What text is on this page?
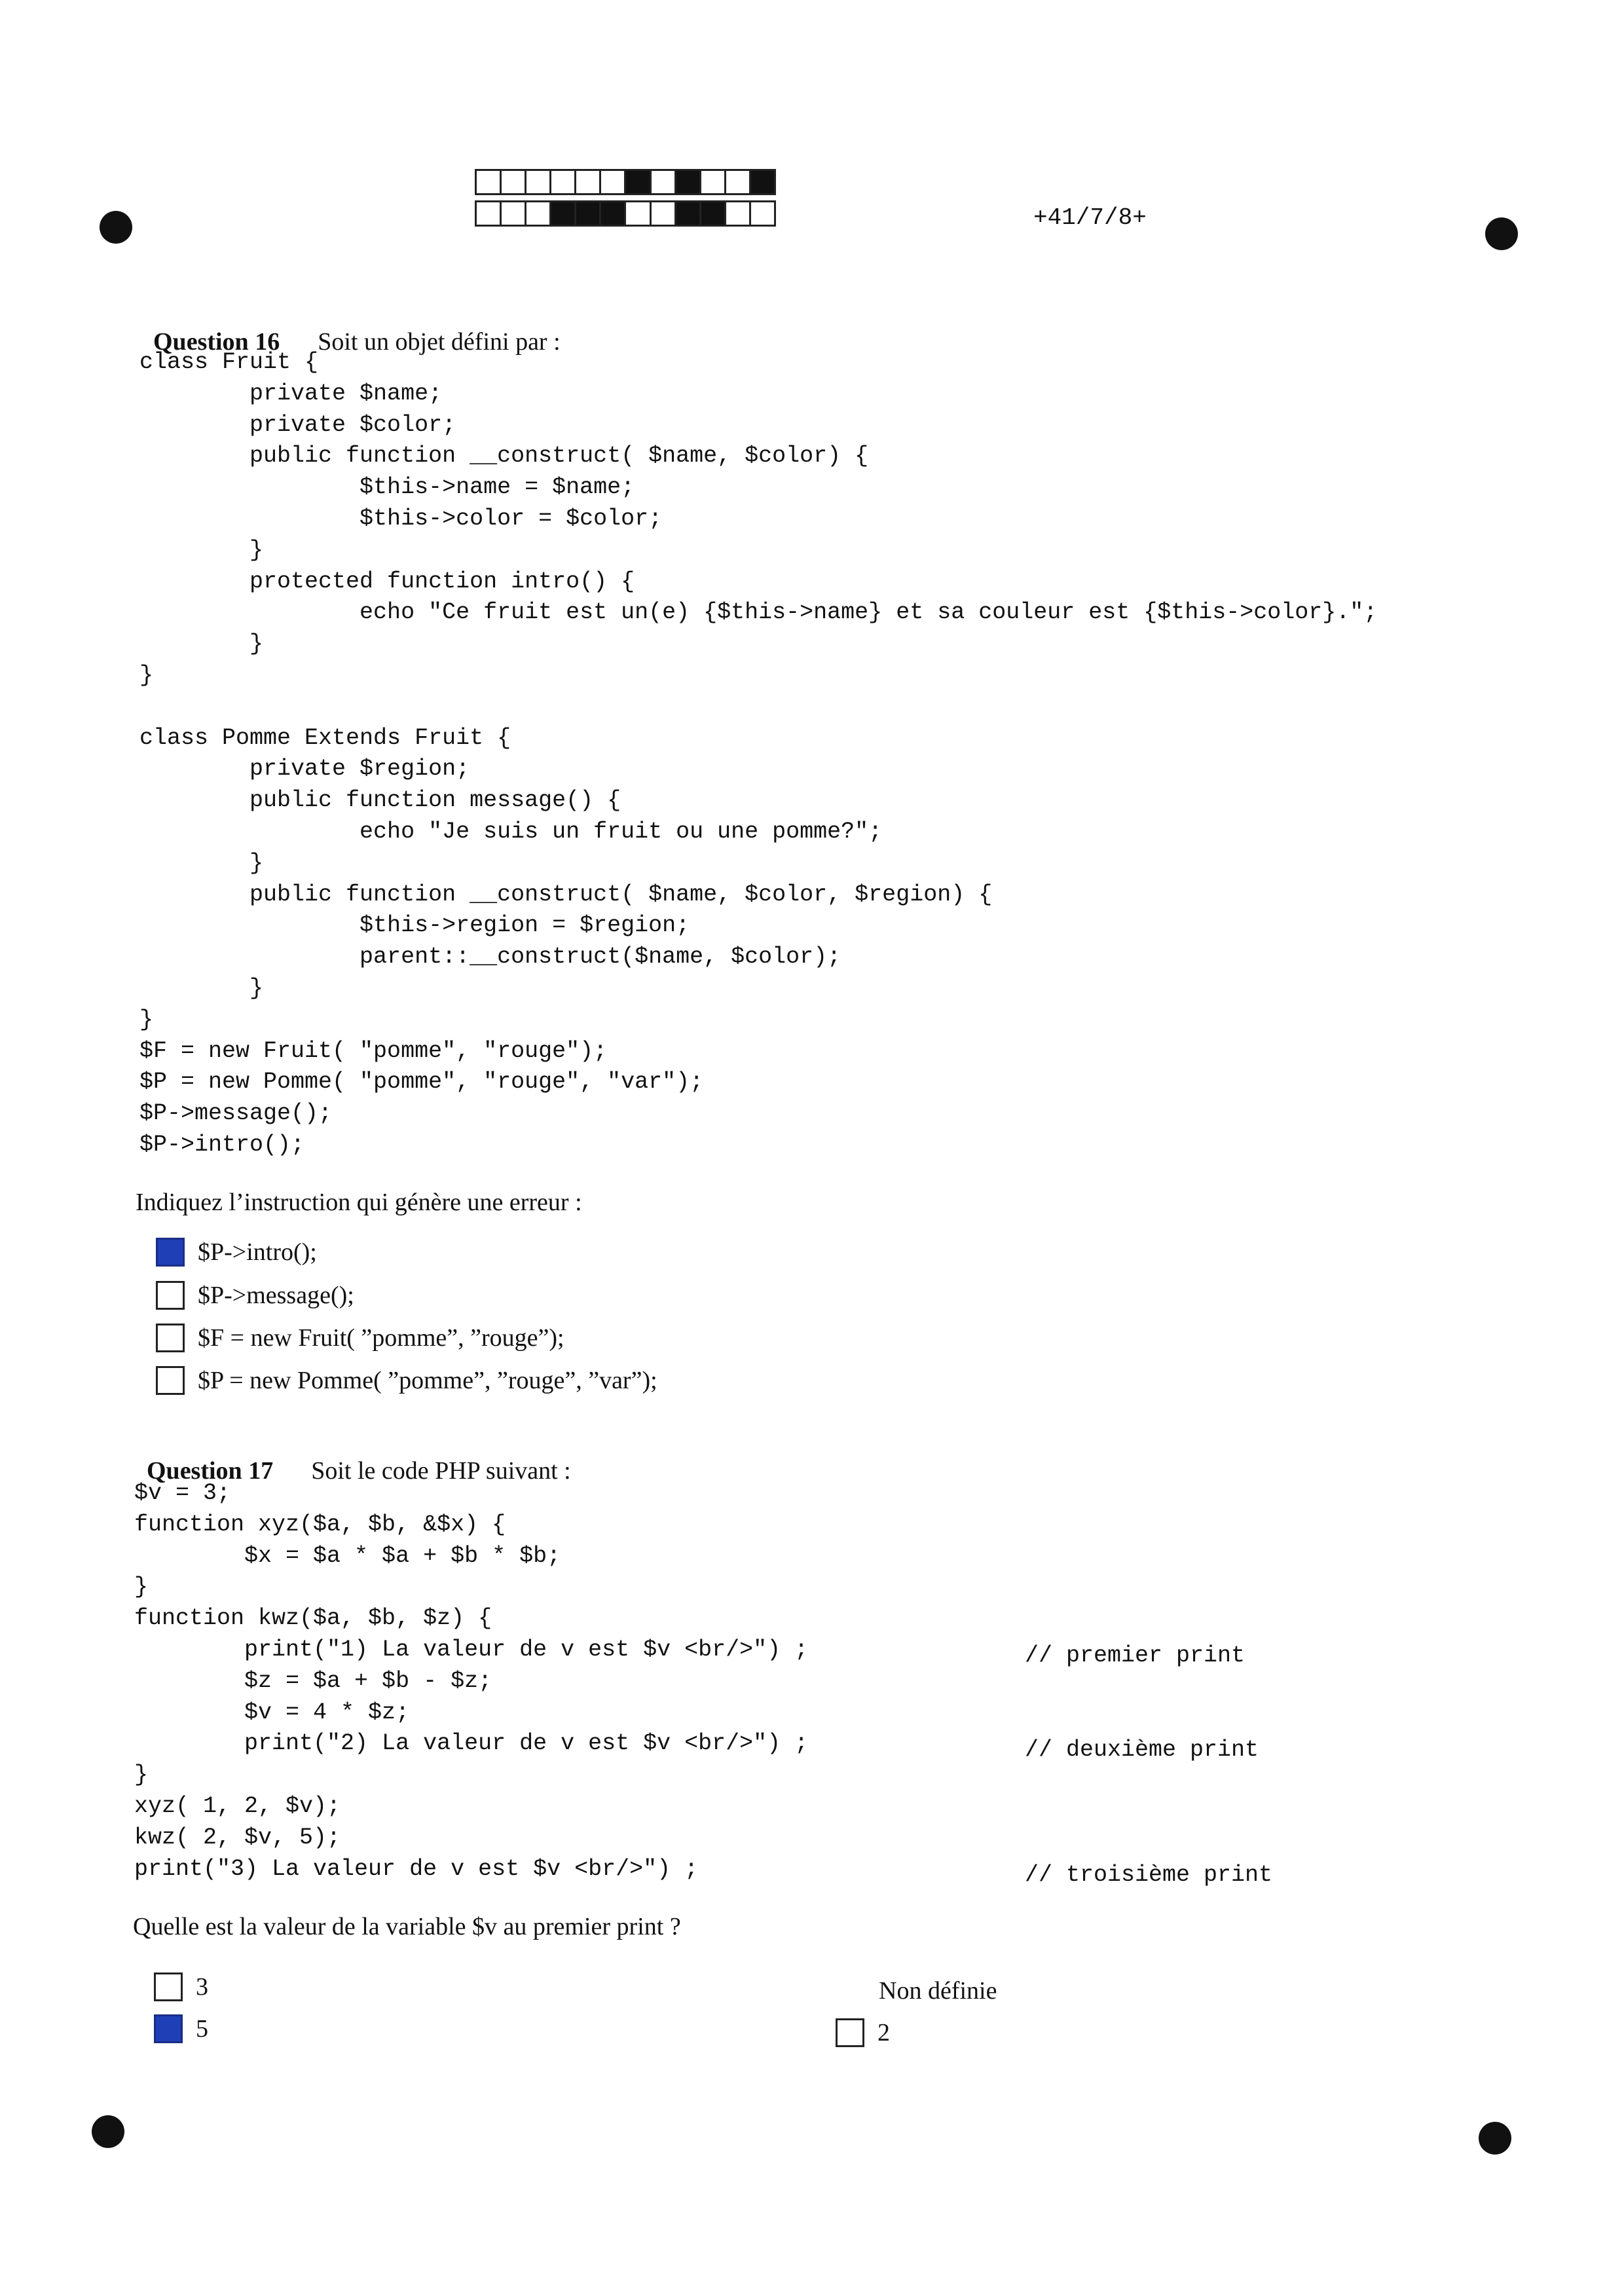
+41/7/8+

Question 16 Soit un objet défini par :

class Fruit {
private $name;
private $color;
public function __construct( $name, $color) {
$this->name = $name;
$this->color = $color;
}
protected function intro() {
echo "Ce fruit est un(e) {$this->name} et sa couleur est {$this->color}.";
}
}

class Pomme Extends Fruit {
private $region;
public function message() {
echo "Je suis un fruit ou une pomme?";
}
public function __construct( $name, $color, $region) {
$this->region = $region;
parent::__construct($name, $color);
}
}
$F = new Fruit( "pomme", "rouge");
$P = new Pomme( "pomme", "rouge", "var");
$P->message();
$P->intro();
Indiquez l’instruction qui génère une erreur :
$P->intro();
$P->message();
$F = new Fruit( ”pomme”, ”rouge”);
$P = new Pomme( ”pomme”, ”rouge”, ”var”);

Question 17 Soit le code PHP suivant :

$v = 3;
function xyz($a, $b, &$x) {
$x = $a * $a + $b * $b;
}
function kwz($a, $b, $z) {
print("1) La valeur de v est $v <br/>") ;
$z = $a + $b - $z;
$v = 4 * $z;
print("2) La valeur de v est $v <br/>") ;
}
xyz( 1, 2, $v);
kwz( 2, $v, 5);
print("3) La valeur de v est $v <br/>") ;
// premier print
// deuxième print
// troisième print
Quelle est la valeur de la variable $v au premier print ?
3
5
Non définie
2
